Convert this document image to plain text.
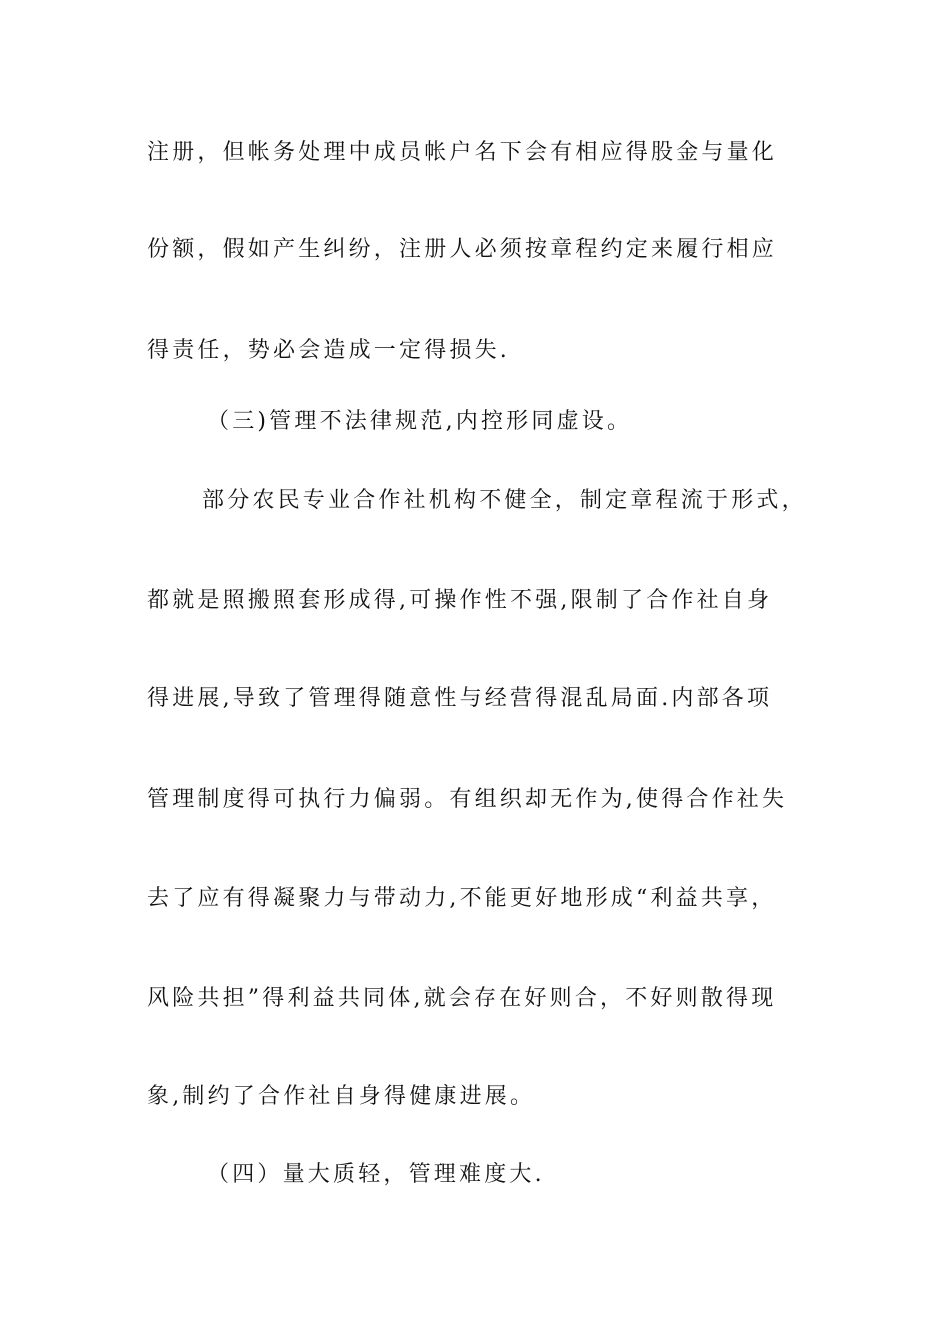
注册，但帐务处理中成员帐户名下会有相应得股金与量化
份额，假如产生纠纷，注册人必须按章程约定来履行相应
得责任，势必会造成一定得损失.
（三)管理不法律规范,内控形同虚设。
部分农民专业合作社机构不健全，制定章程流于形式，
都就是照搬照套形成得,可操作性不强,限制了合作社自身
得进展,导致了管理得随意性与经营得混乱局面.内部各项
管理制度得可执行力偏弱。有组织却无作为,使得合作社失
去了应有得凝聚力与带动力,不能更好地形成“利益共享，
风险共担”得利益共同体,就会存在好则合，不好则散得现
象,制约了合作社自身得健康进展。
（四）量大质轻，管理难度大.
